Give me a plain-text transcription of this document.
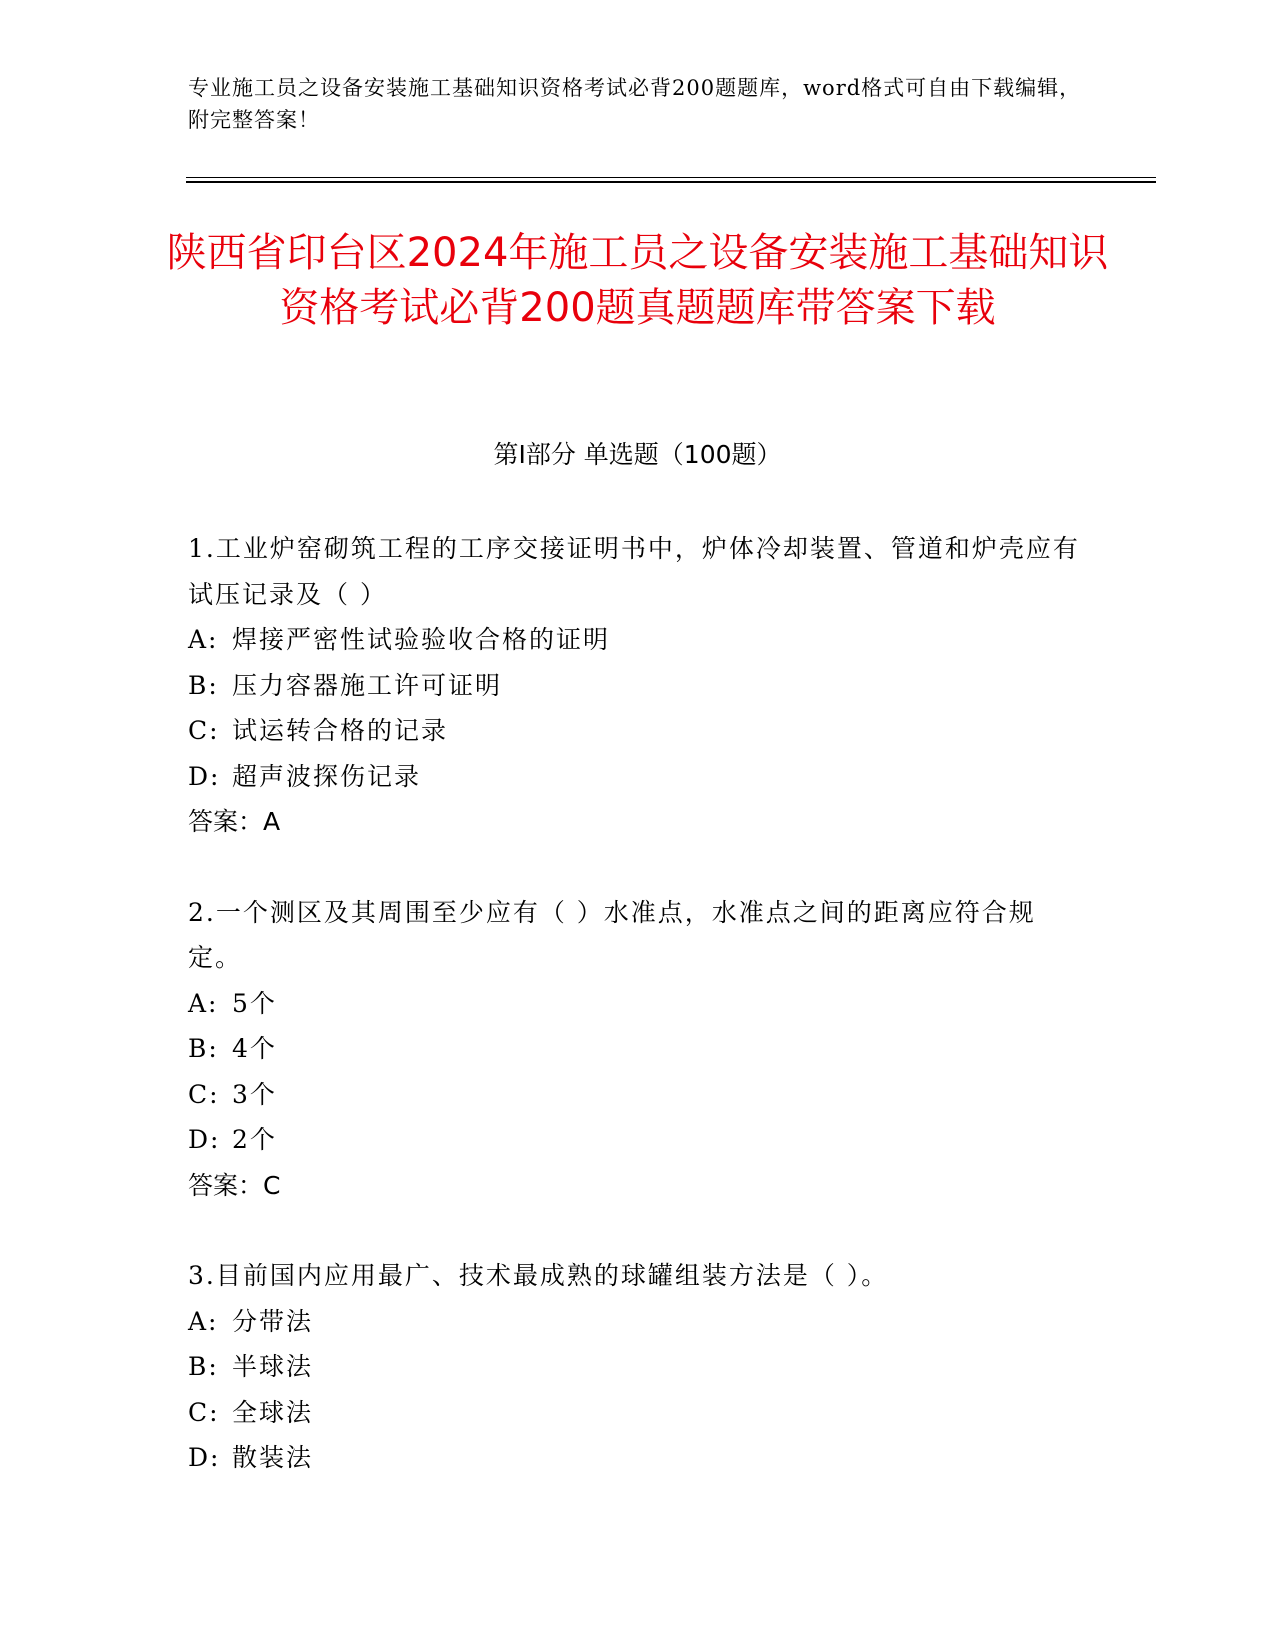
专业施工员之设备安装施工基础知识资格考试必背200题题库，word格式可自由下载编辑，附完整答案！
陕西省印台区2024年施工员之设备安装施工基础知识资格考试必背200题真题题库带答案下载
第Ⅰ部分 单选题（100题）
1.工业炉窑砌筑工程的工序交接证明书中，炉体冷却装置、管道和炉壳应有试压记录及（ ）
A: 焊接严密性试验验收合格的证明
B: 压力容器施工许可证明
C: 试运转合格的记录
D: 超声波探伤记录
答案：A
2.一个测区及其周围至少应有（ ）水准点，水准点之间的距离应符合规定。
A: 5个
B: 4个
C: 3个
D: 2个
答案：C
3.目前国内应用最广、技术最成熟的球罐组装方法是（ ）。
A: 分带法
B: 半球法
C: 全球法
D: 散装法
